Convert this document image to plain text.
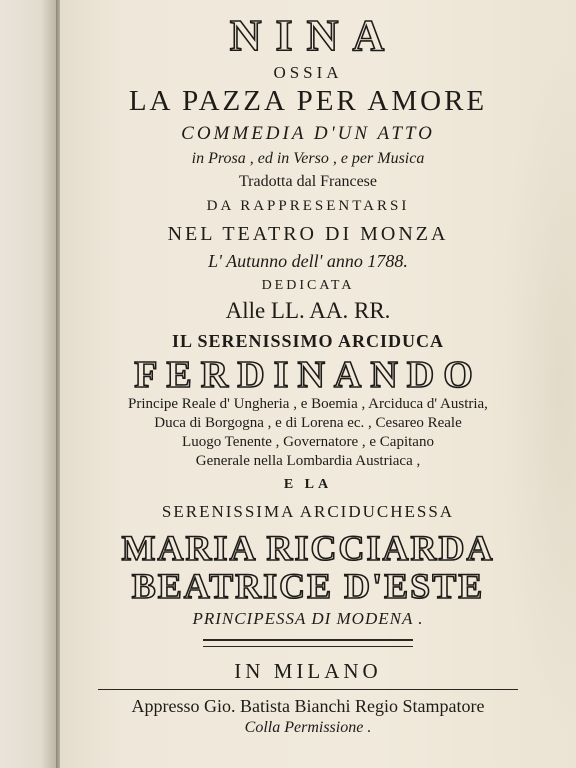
NINA
OSSIA
LA PAZZA PER AMORE
COMMEDIA D'UN ATTO
in Prosa , ed in Verso , e per Musica
Tradotta dal Francese
DA RAPPRESENTARSI
NEL TEATRO DI MONZA
L' Autunno dell' anno 1788.
DEDICATA
Alle LL. AA. RR.
IL SERENISSIMO ARCIDUCA
FERDINANDO
Principe Reale d' Ungheria , e Boemia , Arciduca d' Austria,
Duca di Borgogna , e di Lorena ec. , Cesareo Reale
Luogo Tenente , Governatore , e Capitano
Generale nella Lombardia Austriaca ,
E LA
SERENISSIMA ARCIDUCHESSA
MARIA RICCIARDA
BEATRICE D'ESTE
PRINCIPESSA DI MODENA .
IN MILANO
Appresso Gio. Batista Bianchi Regio Stampatore
Colla Permissione .
